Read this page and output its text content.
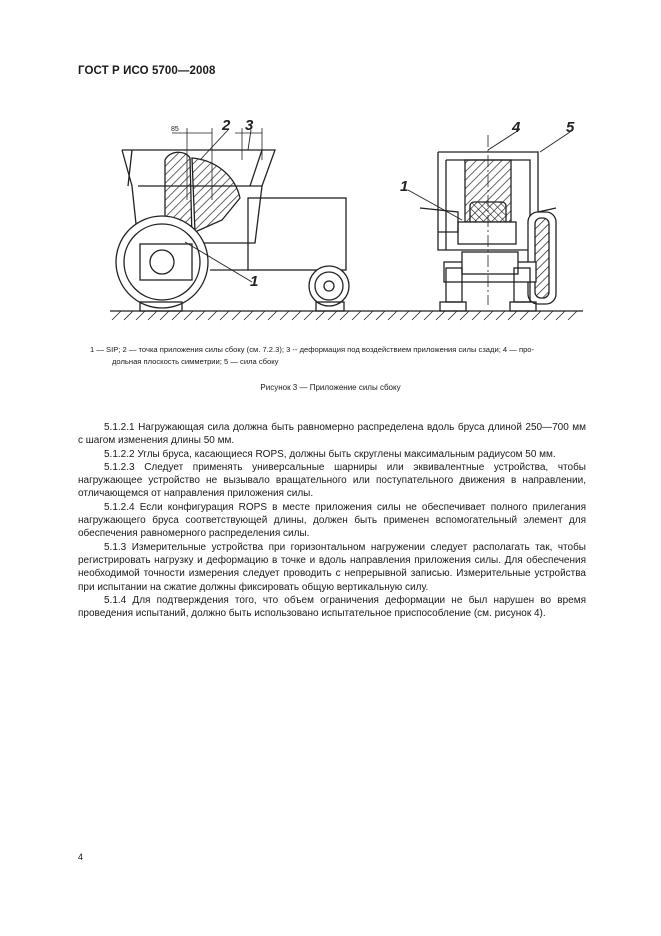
ГОСТ Р ИСО 5700—2008
2 3
1
4	5
1
85
1 — SIP; 2 — точка приложения силы сбоку (см. 7.2.3); 3 -- деформация под воздействием приложения силы сзади; 4 — про-
дольная плоскость симметрии; 5 — сила сбоку
Рисунок 3 — Приложение силы сбоку

5.1.2.1 Нагружающая сила должна быть равномерно распределена вдоль бруса длиной 250—700 мм с шагом изменения длины 50 мм.

5.1.2.2 Углы бруса, касающиеся ROPS, должны быть скруглены максимальным радиусом 50 мм.

5.1.2.3 Следует применять универсальные шарниры или эквивалентные устройства, чтобы нагружающее устройство не вызывало вращательного или поступательного движения в направлении, отличающемся от направления приложения силы.

5.1.2.4 Если конфигурация ROPS в месте приложения силы не обеспечивает полного прилегания нагружающего бруса соответствующей длины, должен быть применен вспомогательный элемент для обеспечения равномерного распределения силы.

5.1.3 Измерительные устройства при горизонтальном нагружении следует располагать так, чтобы регистрировать нагрузку и деформацию в точке и вдоль направления приложения силы. Для обеспечения необходимой точности измерения следует проводить с непрерывной записью. Измерительные устройства при испытании на сжатие должны фиксировать общую вертикальную силу.

5.1.4 Для подтверждения того, что объем ограничения деформации не был нарушен во время проведения испытаний, должно быть использовано испытательное приспособление (см. рисунок 4).

4
